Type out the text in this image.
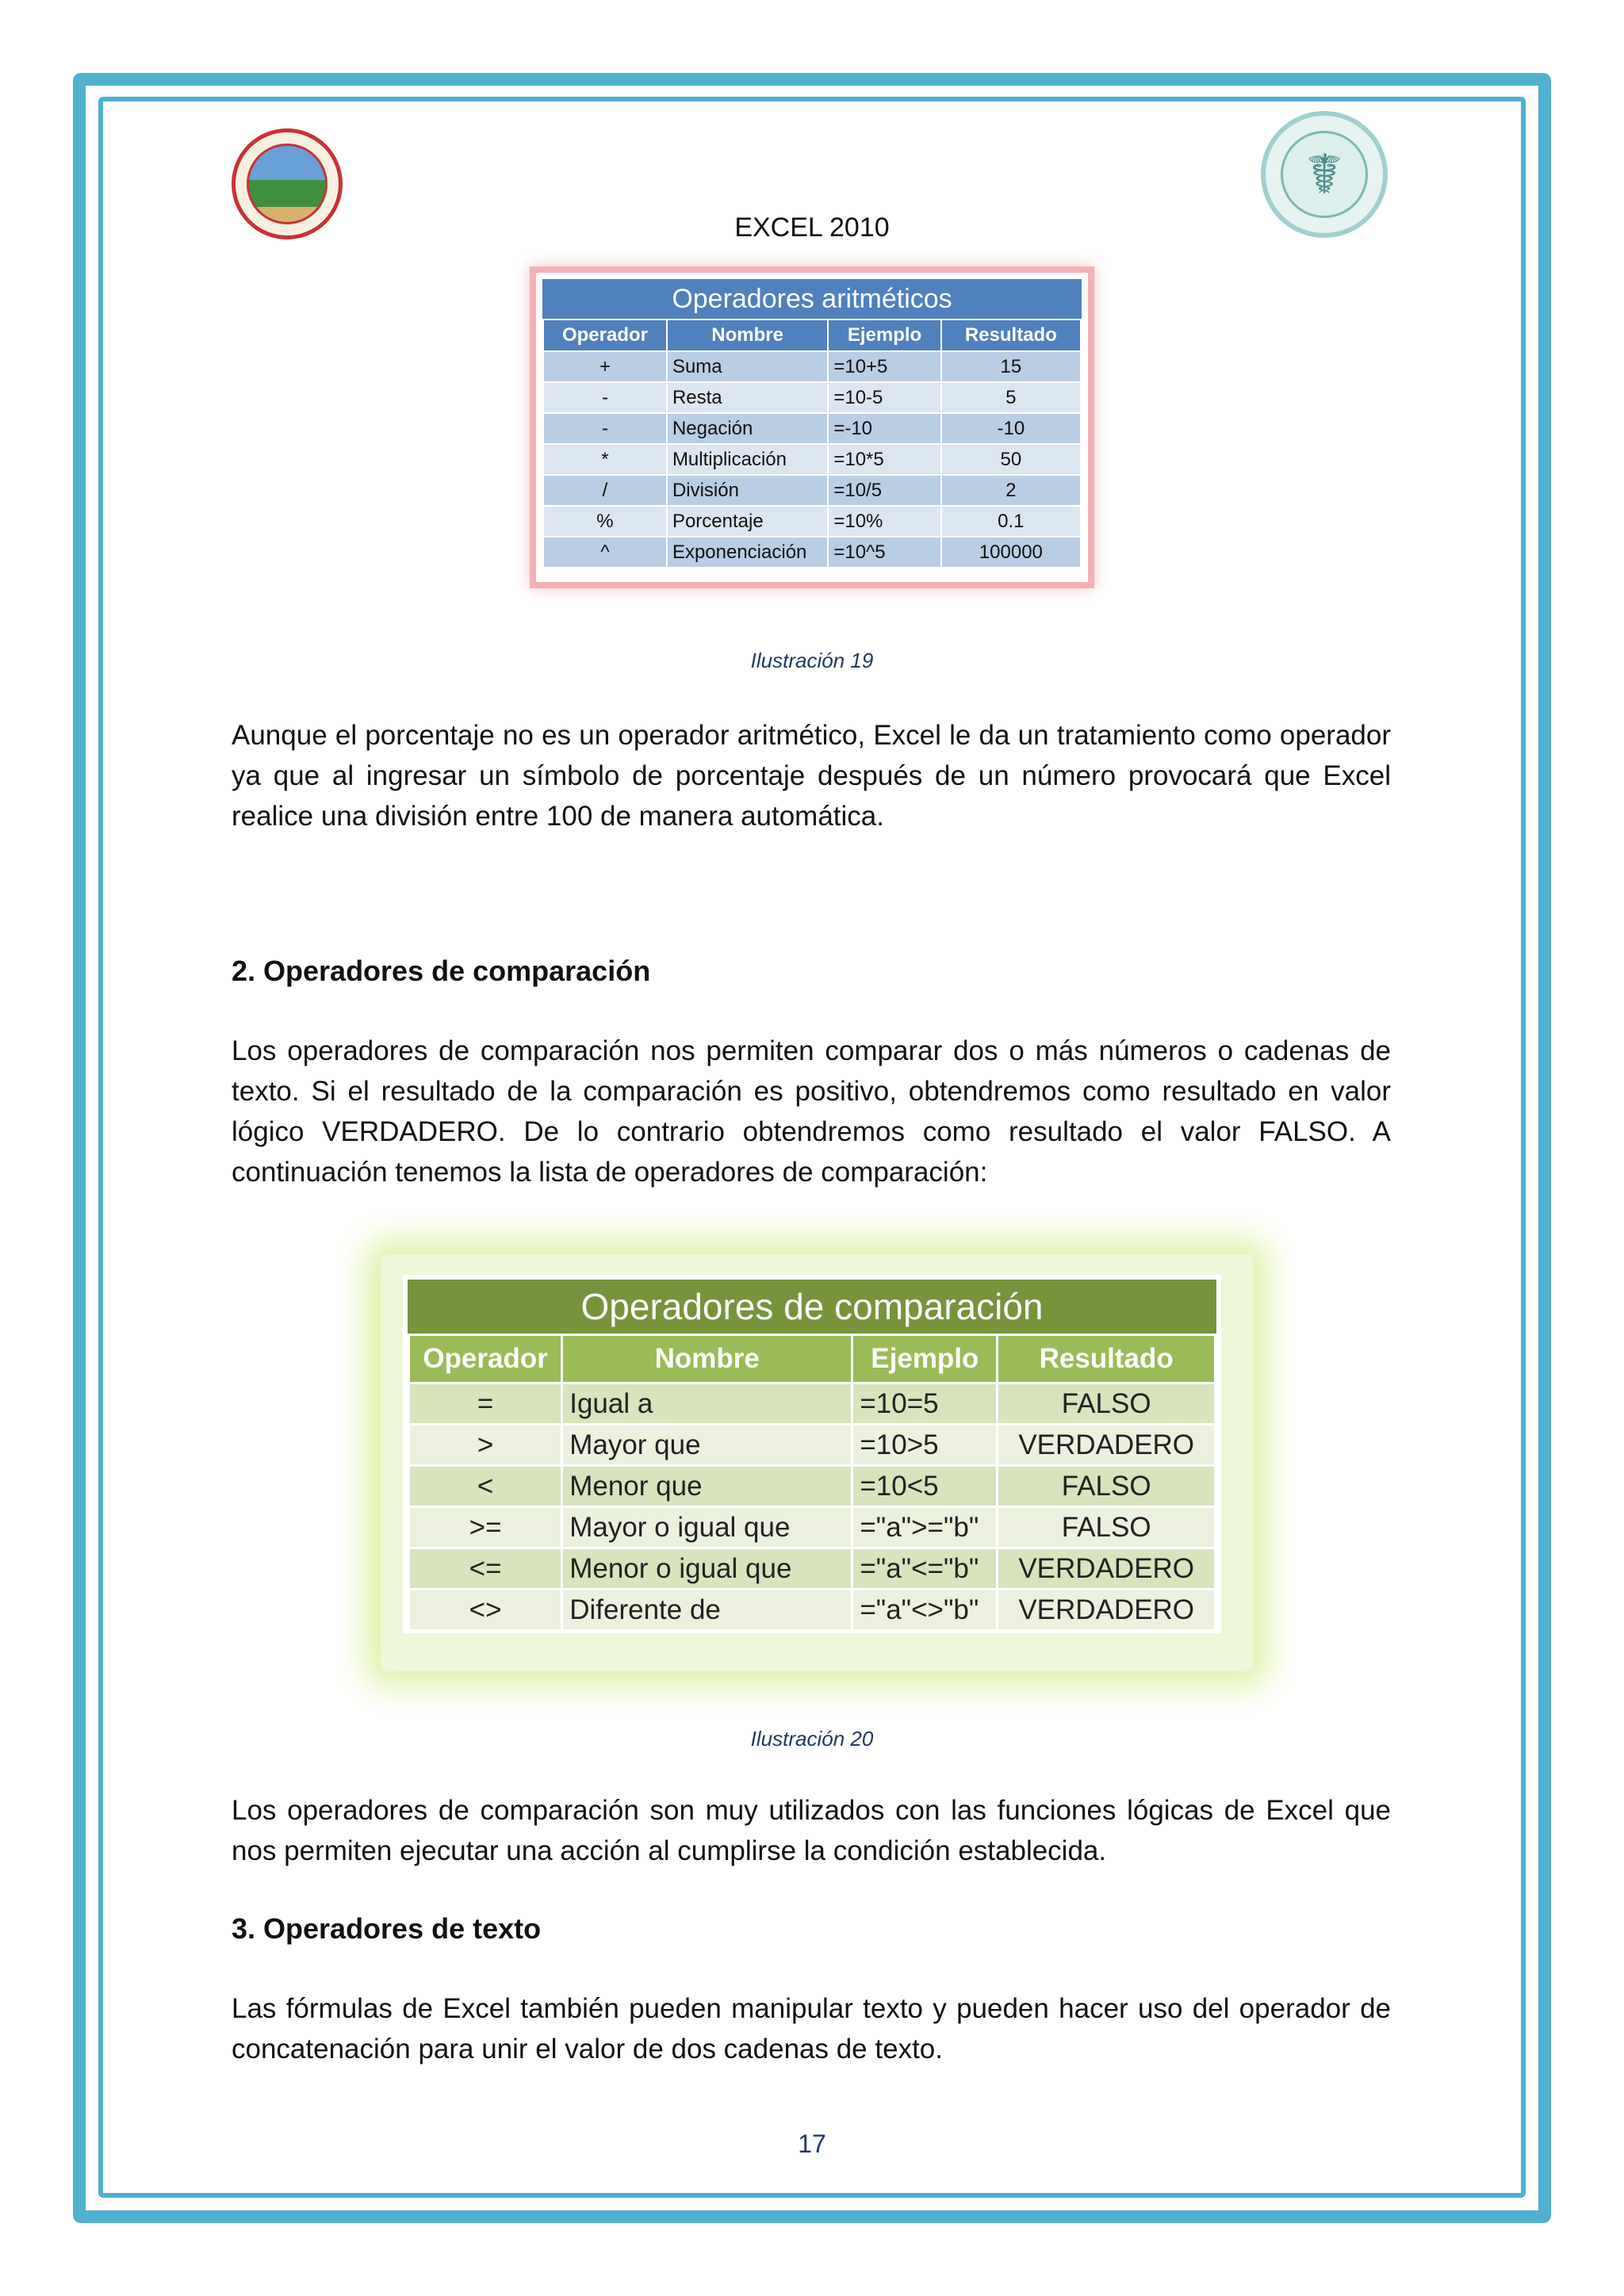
☤
EXCEL 2010
Operadores aritméticos
Operador	Nombre	Ejemplo	Resultado
+	Suma	=10+5	15
-	Resta	=10-5	5
-	Negación	=-10	-10
*	Multiplicación	=10*5	50
/	División	=10/5	2
%	Porcentaje	=10%	0.1
^	Exponenciación	=10^5	100000
Ilustración 19
Aunque el porcentaje no es un operador aritmético, Excel le da un tratamiento como operador ya que al ingresar un símbolo de porcentaje después de un número provocará que Excel realice una división entre 100 de manera automática.
2. Operadores de comparación
Los operadores de comparación nos permiten comparar dos o más números o cadenas de texto. Si el resultado de la comparación es positivo, obtendremos como resultado en valor lógico VERDADERO. De lo contrario obtendremos como resultado el valor FALSO. A continuación tenemos la lista de operadores de comparación:
Operadores de comparación
Operador	Nombre	Ejemplo	Resultado
=	Igual a	=10=5	FALSO
>	Mayor que	=10>5	VERDADERO
<	Menor que	=10<5	FALSO
>=	Mayor o igual que	="a">="b"	FALSO
<=	Menor o igual que	="a"<="b"	VERDADERO
<>	Diferente de	="a"<>"b"	VERDADERO
Ilustración 20
Los operadores de comparación son muy utilizados con las funciones lógicas de Excel que nos permiten ejecutar una acción al cumplirse la condición establecida.
3. Operadores de texto
Las fórmulas de Excel también pueden manipular texto y pueden hacer uso del operador de concatenación para unir el valor de dos cadenas de texto.
17
